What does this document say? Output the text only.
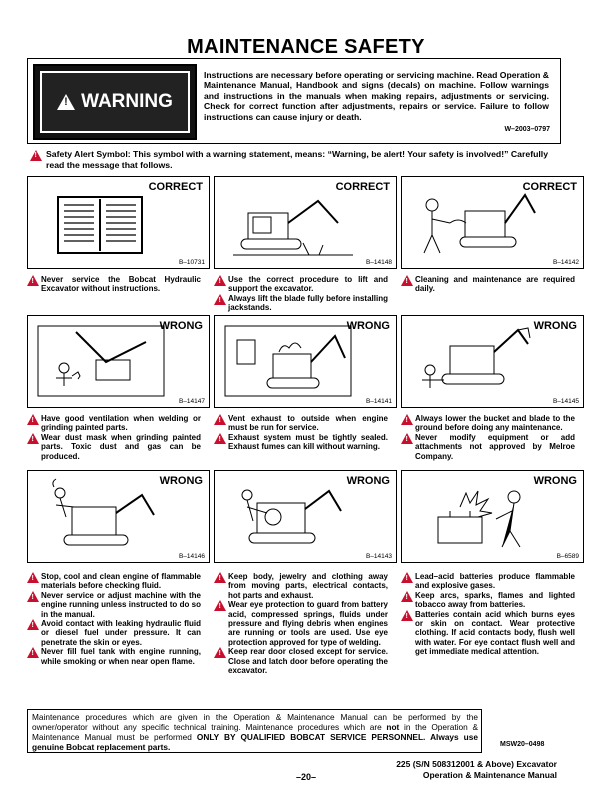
MAINTENANCE SAFETY
!
WARNING
Instructions are necessary before operating or servicing machine. Read Operation & Maintenance Manual, Handbook and signs (decals) on machine. Follow warnings and instructions in the manuals when making repairs, adjustments or servicing. Check for correct function after adjustments, repairs or service. Failure to follow instructions can cause injury or death.
W–2003–0797
!
Safety Alert Symbol: This symbol with a warning statement, means: “Warning, be alert! Your safety is involved!” Carefully read the message that follows.
CORRECT
B–10731
!
Never service the Bobcat Hydraulic Excavator without instructions.
CORRECT
B–14148
!
Use the correct procedure to lift and support the excavator.
!
Always lift the blade fully before installing jackstands.
CORRECT
B–14142
!
Cleaning and maintenance are required daily.
WRONG
B–14147
!
Have good ventilation when welding or grinding painted parts.
!
Wear dust mask when grinding painted parts. Toxic dust and gas can be produced.
WRONG
B–14141
!
Vent exhaust to outside when engine must be run for service.
!
Exhaust system must be tightly sealed. Exhaust fumes can kill without warning.
WRONG
B–14145
!
Always lower the bucket and blade to the ground before doing any maintenance.
!
Never modify equipment or add attachments not approved by Melroe Company.
WRONG
B–14146
!
Stop, cool and clean engine of flammable materials before checking fluid.
!
Never service or adjust machine with the engine running unless instructed to do so in the manual.
!
Avoid contact with leaking hydraulic fluid or diesel fuel under pressure. It can penetrate the skin or eyes.
!
Never fill fuel tank with engine running, while smoking or when near open flame.
WRONG
B–14143
!
Keep body, jewelry and clothing away from moving parts, electrical contacts, hot parts and exhaust.
!
Wear eye protection to guard from battery acid, compressed springs, fluids under pressure and flying debris when engines are running or tools are used. Use eye protection approved for type of welding.
!
Keep rear door closed except for service. Close and latch door before operating the excavator.
WRONG
B–6589
!
Lead–acid batteries produce flammable and explosive gases.
!
Keep arcs, sparks, flames and lighted tobacco away from batteries.
!
Batteries contain acid which burns eyes or skin on contact. Wear protective clothing. If acid contacts body, flush well with water. For eye contact flush well and get immediate medical attention.
Maintenance procedures which are given in the Operation & Maintenance Manual can be performed by the owner/operator without any specific technical training. Maintenance procedures which are not in the Operation & Maintenance Manual must be performed ONLY BY QUALIFIED BOBCAT SERVICE PERSONNEL. Always use genuine Bobcat replacement parts.	MSW20–0498
225 (S/N 508312001 & Above) Excavator
Operation & Maintenance Manual
–20–
